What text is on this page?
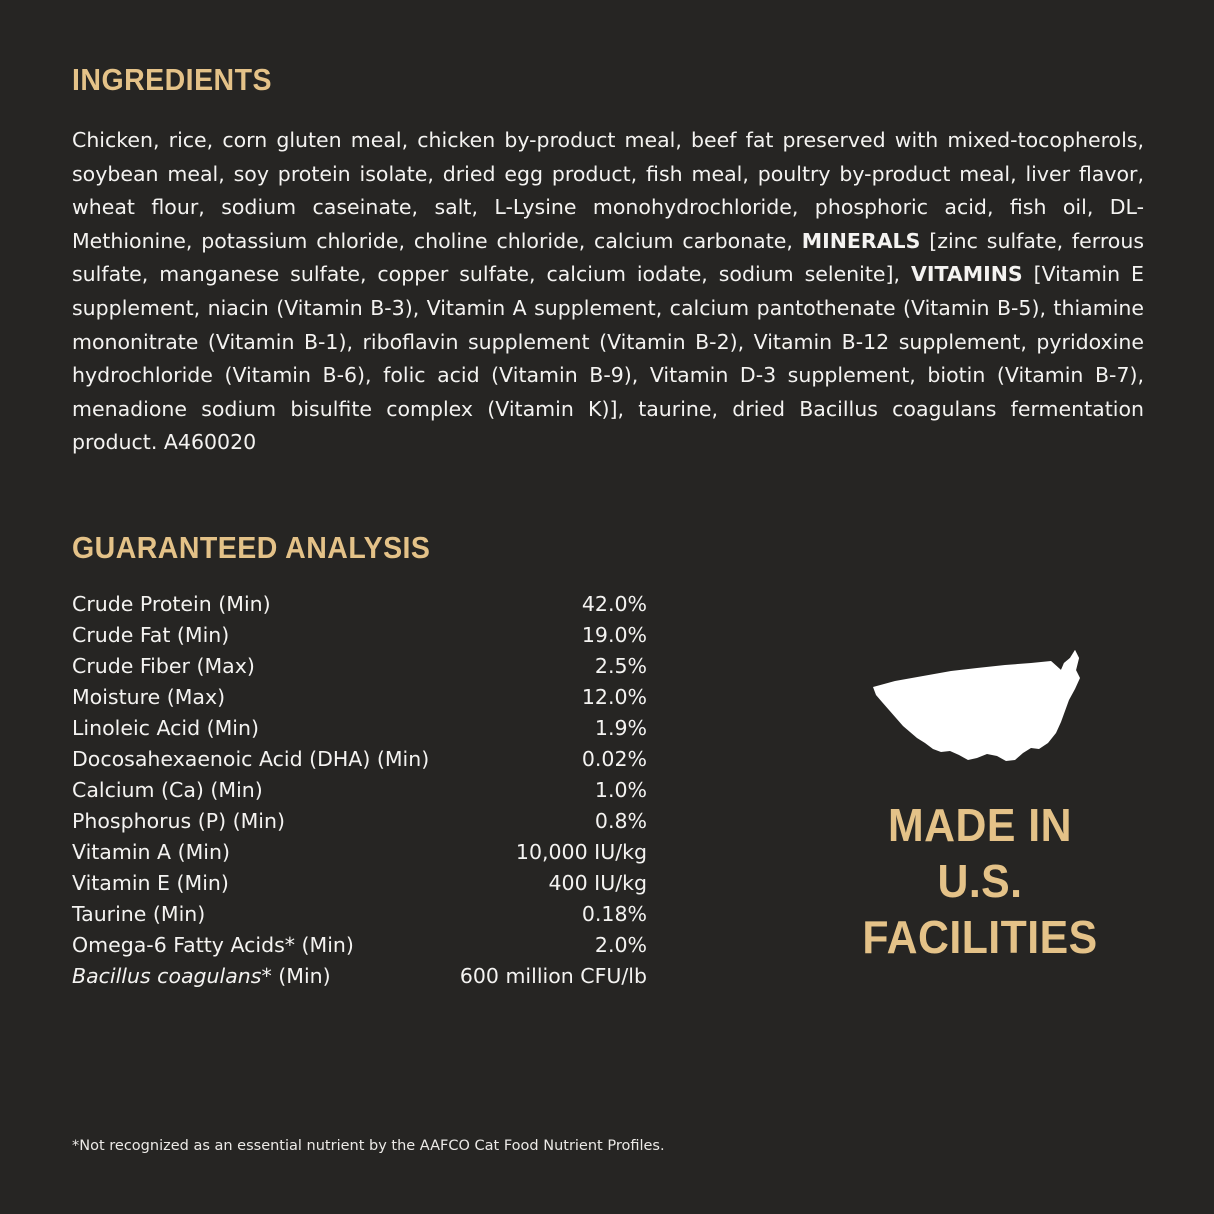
INGREDIENTS
Chicken, rice, corn gluten meal, chicken by-product meal, beef fat preserved with mixed-tocopherols, soybean meal, soy protein isolate, dried egg product, fish meal, poultry by-product meal, liver flavor, wheat flour, sodium caseinate, salt, L-Lysine monohydrochloride, phosphoric acid, fish oil, DL-Methionine, potassium chloride, choline chloride, calcium carbonate, MINERALS [zinc sulfate, ferrous sulfate, manganese sulfate, copper sulfate, calcium iodate, sodium selenite], VITAMINS [Vitamin E supplement, niacin (Vitamin B-3), Vitamin A supplement, calcium pantothenate (Vitamin B-5), thiamine mononitrate (Vitamin B-1), riboflavin supplement (Vitamin B-2), Vitamin B-12 supplement, pyridoxine hydrochloride (Vitamin B-6), folic acid (Vitamin B-9), Vitamin D-3 supplement, biotin (Vitamin B-7), menadione sodium bisulfite complex (Vitamin K)], taurine, dried Bacillus coagulans fermentation product. A460020
GUARANTEED ANALYSIS
Crude Protein (Min)	42.0%
Crude Fat (Min)	19.0%
Crude Fiber (Max)	2.5%
Moisture (Max)	12.0%
Linoleic Acid (Min)	1.9%
Docosahexaenoic Acid (DHA) (Min)	0.02%
Calcium (Ca) (Min)	1.0%
Phosphorus (P) (Min)	0.8%
Vitamin A (Min)	10,000 IU/kg
Vitamin E (Min)	400 IU/kg
Taurine (Min)	0.18%
Omega-6 Fatty Acids* (Min)	2.0%
Bacillus coagulans* (Min)	600 million CFU/lb
*Not recognized as an essential nutrient by the AAFCO Cat Food Nutrient Profiles.
MADE IN
U.S.
FACILITIES
